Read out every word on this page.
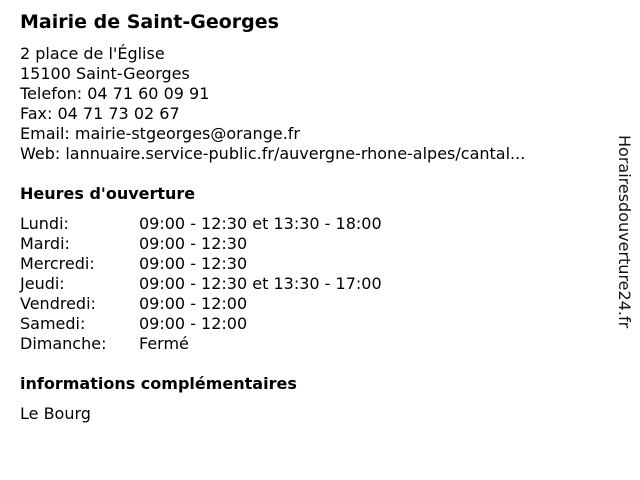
Mairie de Saint-Georges
2 place de l'Église
15100 Saint-Georges
Telefon: 04 71 60 09 91
Fax: 04 71 73 02 67
Email: mairie-stgeorges@orange.fr
Web: lannuaire.service-public.fr/auvergne-rhone-alpes/cantal...
Heures d'ouverture
Lundi:	09:00 - 12:30 et 13:30 - 18:00
Mardi:	09:00 - 12:30
Mercredi:	09:00 - 12:30
Jeudi:	09:00 - 12:30 et 13:30 - 17:00
Vendredi:	09:00 - 12:00
Samedi:	09:00 - 12:00
Dimanche: Fermé
informations complémentaires
Le Bourg
Horairesdouverture24.fr
